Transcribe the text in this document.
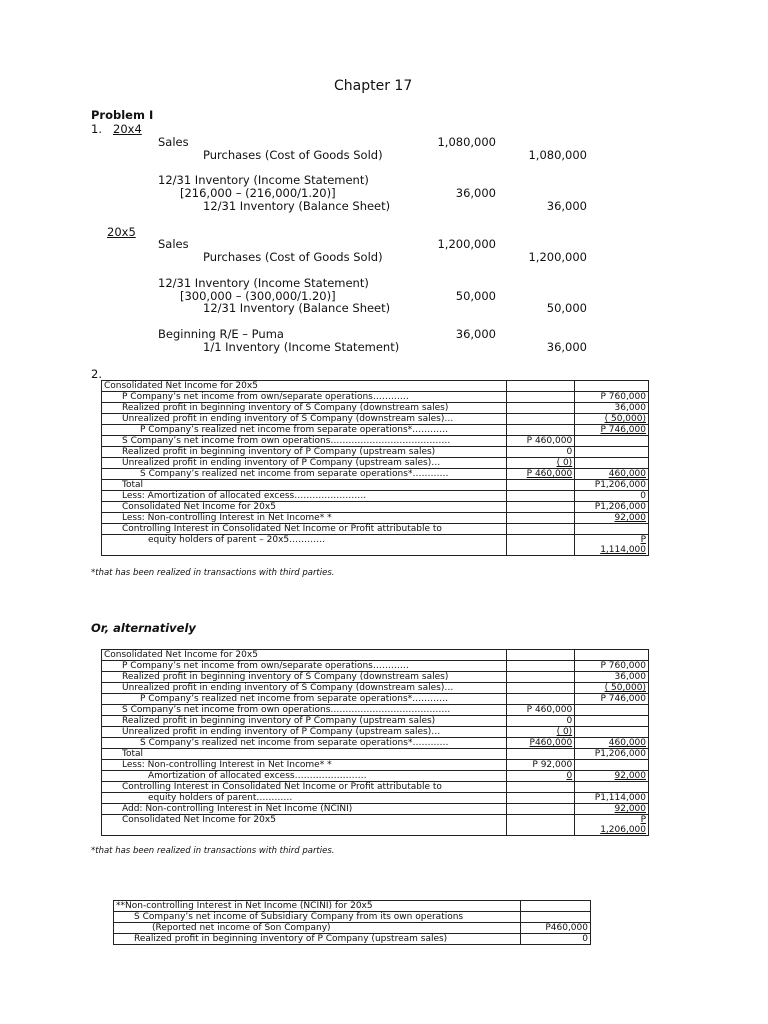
Chapter 17
Problem I
1. 20x4
Sales	1,080,000
Purchases (Cost of Goods Sold)	1,080,000
12/31 Inventory (Income Statement)
[216,000 – (216,000/1.20)]	36,000
12/31 Inventory (Balance Sheet)	36,000
20x5
Sales	1,200,000
Purchases (Cost of Goods Sold)	1,200,000
12/31 Inventory (Income Statement)
[300,000 – (300,000/1.20)]	50,000
12/31 Inventory (Balance Sheet)	50,000
Beginning R/E – Puma	36,000
1/1 Inventory (Income Statement)	36,000
2.
Consolidated Net Income for 20x5		
P Company’s net income from own/separate operations…………		P 760,000
Realized profit in beginning inventory of S Company (downstream sales)		36,000
Unrealized profit in ending inventory of S Company (downstream sales)…		( 50,000)
P Company’s realized net income from separate operations*…………		P 746,000
S Company’s net income from own operations………………………………….	P 460,000	
Realized profit in beginning inventory of P Company (upstream sales)	0	
Unrealized profit in ending inventory of P Company (upstream sales)…	( 0)	
S Company’s realized net income from separate operations*…………	P 460,000	460,000
Total		P1,206,000
Less: Amortization of allocated excess……………………		0
Consolidated Net Income for 20x5		P1,206,000
Less: Non-controlling Interest in Net Income* *		92,000
Controlling Interest in Consolidated Net Income or Profit attributable to		
equity holders of parent – 20x5…………		P
		1,114,000
*that has been realized in transactions with third parties.
Or, alternatively
Consolidated Net Income for 20x5		
P Company’s net income from own/separate operations…………		P 760,000
Realized profit in beginning inventory of S Company (downstream sales)		36,000
Unrealized profit in ending inventory of S Company (downstream sales)…		( 50,000)
P Company’s realized net income from separate operations*…………		P 746,000
S Company’s net income from own operations………………………………….	P 460,000	
Realized profit in beginning inventory of P Company (upstream sales)	0	
Unrealized profit in ending inventory of P Company (upstream sales)…	( 0)	
S Company’s realized net income from separate operations*…………	P460,000	460,000
Total		P1,206,000
Less: Non-controlling Interest in Net Income* *	P 92,000	
Amortization of allocated excess……………………	0	92,000
Controlling Interest in Consolidated Net Income or Profit attributable to		
equity holders of parent…………		P1,114,000
Add: Non-controlling Interest in Net Income (NCINI)		92,000
Consolidated Net Income for 20x5		P
		1,206,000
*that has been realized in transactions with third parties.
**Non-controlling Interest in Net Income (NCINI) for 20x5	
S Company’s net income of Subsidiary Company from its own operations	
(Reported net income of Son Company)	P460,000
Realized profit in beginning inventory of P Company (upstream sales)	0
